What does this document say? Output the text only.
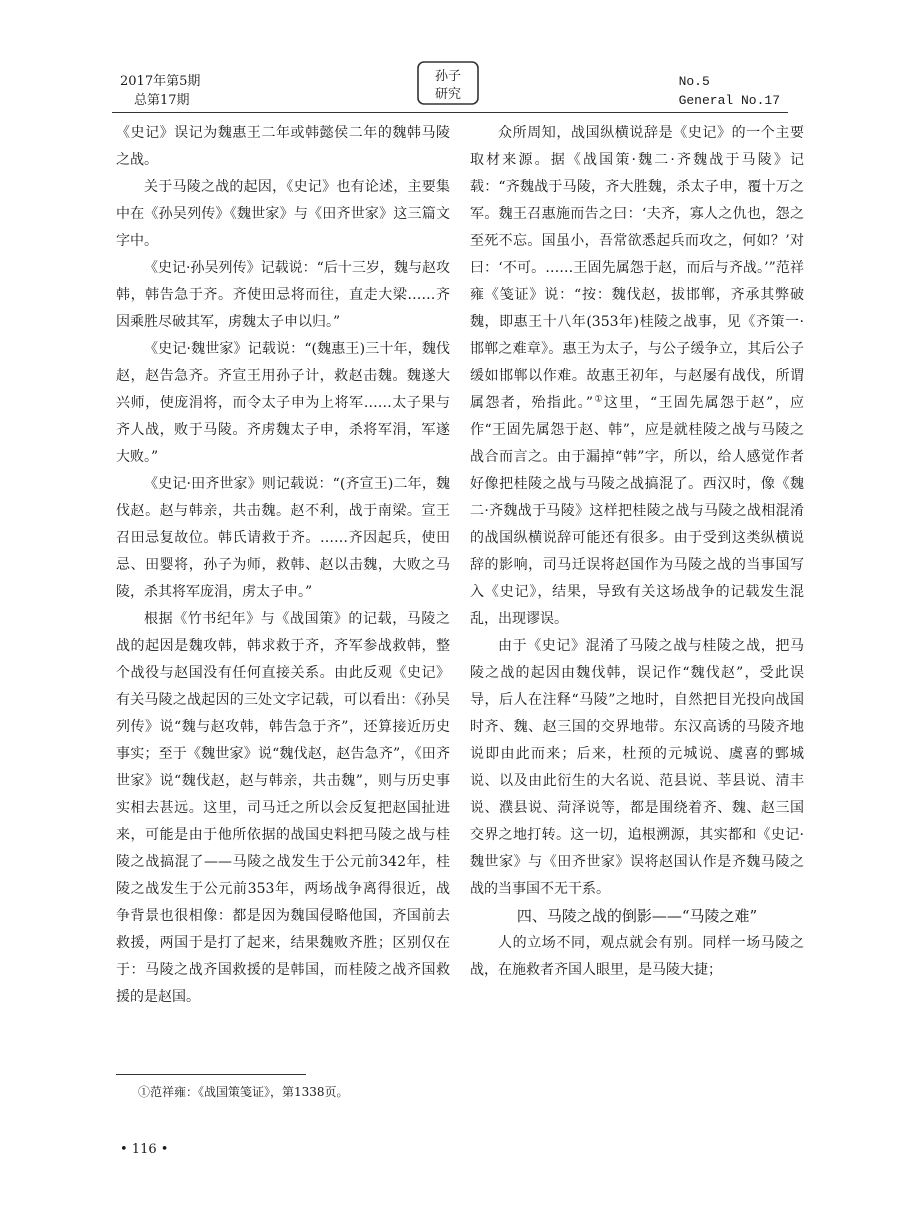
2017年第5期
总第17期
孙子
研究
No.5
General No.17

《史记》误记为魏惠王二年或韩懿侯二年的魏韩马陵之战。

关于马陵之战的起因，《史记》也有论述，主要集中在《孙吴列传》《魏世家》与《田齐世家》这三篇文字中。

《史记·孙吴列传》记载说：“后十三岁，魏与赵攻韩，韩告急于齐。齐使田忌将而往，直走大梁……齐因乘胜尽破其军，虏魏太子申以归。”

《史记·魏世家》记载说：“(魏惠王)三十年，魏伐赵，赵告急齐。齐宣王用孙子计，救赵击魏。魏遂大兴师，使庞涓将，而令太子申为上将军……太子果与齐人战，败于马陵。齐虏魏太子申，杀将军涓，军遂大败。”

《史记·田齐世家》则记载说：“(齐宣王)二年，魏伐赵。赵与韩亲，共击魏。赵不利，战于南梁。宣王召田忌复故位。韩氏请救于齐。……齐因起兵，使田忌、田婴将，孙子为师，救韩、赵以击魏，大败之马陵，杀其将军庞涓，虏太子申。”

根据《竹书纪年》与《战国策》的记载，马陵之战的起因是魏攻韩，韩求救于齐，齐军参战救韩，整个战役与赵国没有任何直接关系。由此反观《史记》有关马陵之战起因的三处文字记载，可以看出：《孙吴列传》说“魏与赵攻韩，韩告急于齐”，还算接近历史事实；至于《魏世家》说“魏伐赵，赵告急齐”，《田齐世家》说“魏伐赵，赵与韩亲，共击魏”，则与历史事实相去甚远。这里，司马迁之所以会反复把赵国扯进来，可能是由于他所依据的战国史料把马陵之战与桂陵之战搞混了——马陵之战发生于公元前342年，桂陵之战发生于公元前353年，两场战争离得很近，战争背景也很相像：都是因为魏国侵略他国，齐国前去救援，两国于是打了起来，结果魏败齐胜；区别仅在于：马陵之战齐国救援的是韩国，而桂陵之战齐国救援的是赵国。

众所周知，战国纵横说辞是《史记》的一个主要取材来源。据《战国策·魏二·齐魏战于马陵》记载：“齐魏战于马陵，齐大胜魏，杀太子申，覆十万之军。魏王召惠施而告之曰：‘夫齐，寡人之仇也，怨之至死不忘。国虽小，吾常欲悉起兵而攻之，何如？’对曰：‘不可。……王固先属怨于赵，而后与齐战。’”范祥雍《笺证》说：“按：魏伐赵，拔邯郸，齐承其弊破魏，即惠王十八年(353年)桂陵之战事，见《齐策一·邯郸之难章》。惠王为太子，与公子缓争立，其后公子缓如邯郸以作难。故惠王初年，与赵屡有战伐，所谓属怨者，殆指此。”①这里，“王固先属怨于赵”，应作“王固先属怨于赵、韩”，应是就桂陵之战与马陵之战合而言之。由于漏掉“韩”字，所以，给人感觉作者好像把桂陵之战与马陵之战搞混了。西汉时，像《魏二·齐魏战于马陵》这样把桂陵之战与马陵之战相混淆的战国纵横说辞可能还有很多。由于受到这类纵横说辞的影响，司马迁误将赵国作为马陵之战的当事国写入《史记》，结果，导致有关这场战争的记载发生混乱，出现谬误。

由于《史记》混淆了马陵之战与桂陵之战，把马陵之战的起因由魏伐韩，误记作“魏伐赵”，受此误导，后人在注释“马陵”之地时，自然把目光投向战国时齐、魏、赵三国的交界地带。东汉高诱的马陵齐地说即由此而来；后来，杜预的元城说、虞喜的鄄城说、以及由此衍生的大名说、范县说、莘县说、清丰说、濮县说、菏泽说等，都是围绕着齐、魏、赵三国交界之地打转。这一切，追根溯源，其实都和《史记·魏世家》与《田齐世家》误将赵国认作是齐魏马陵之战的当事国不无干系。

四、马陵之战的倒影——“马陵之难”

人的立场不同，观点就会有别。同样一场马陵之战，在施救者齐国人眼里，是马陵大捷；

①范祥雍：《战国策笺证》，第1338页。
• 116 •
